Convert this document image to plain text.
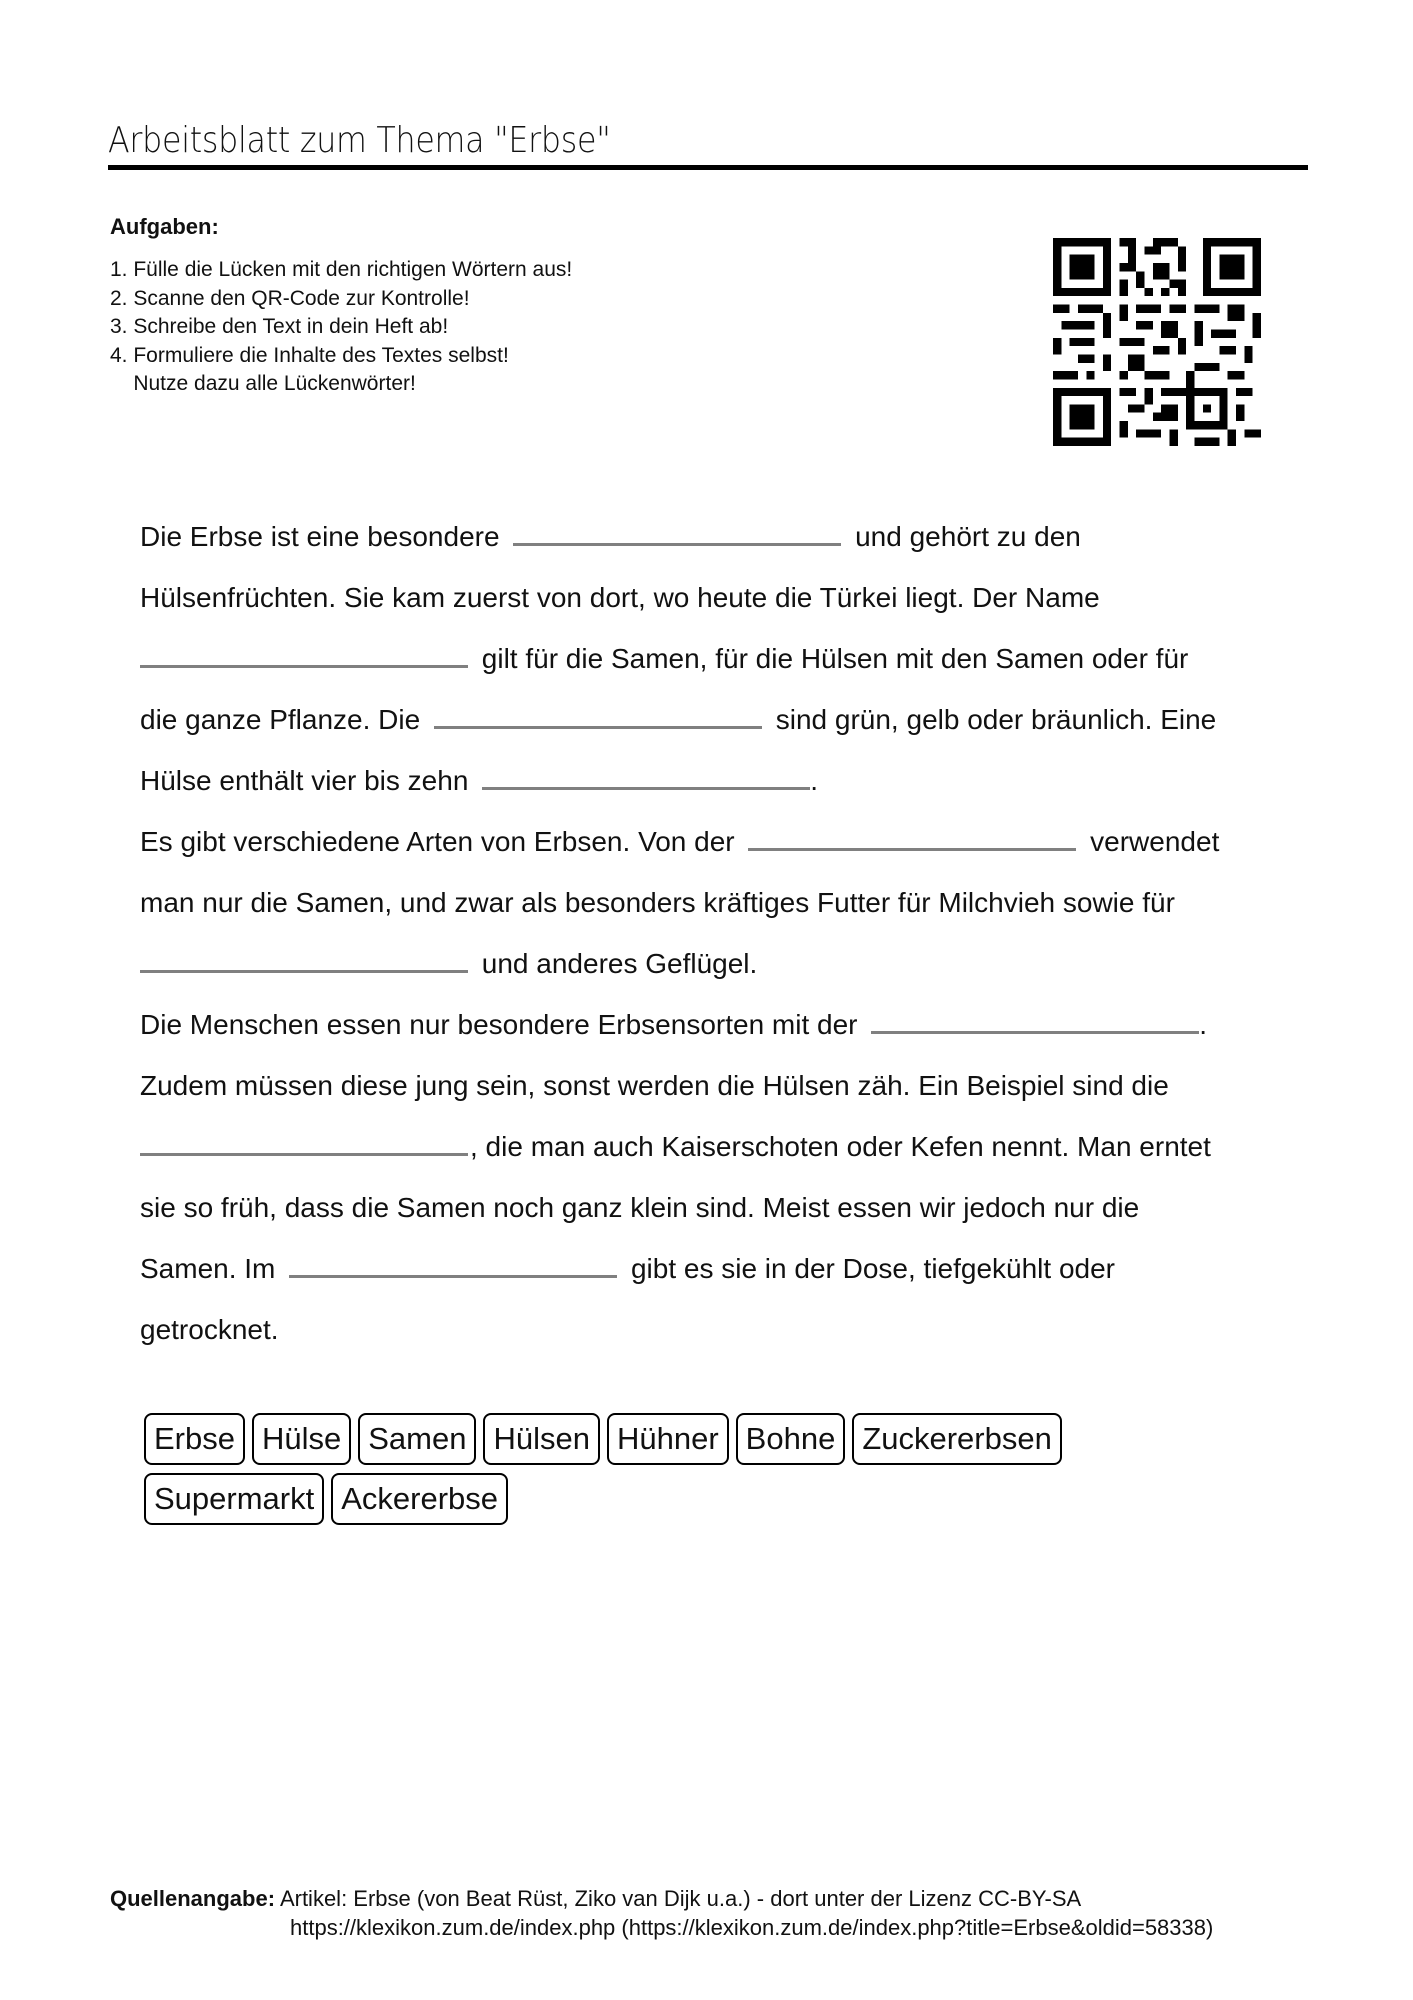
Arbeitsblatt zum Thema "Erbse"
Aufgaben:
1. Fülle die Lücken mit den richtigen Wörtern aus!
2. Scanne den QR-Code zur Kontrolle!
3. Schreibe den Text in dein Heft ab!
4. Formuliere die Inhalte des Textes selbst!
Nutze dazu alle Lückenwörter!
Die Erbse ist eine besondere	und gehört zu den
Hülsenfrüchten. Sie kam zuerst von dort, wo heute die Türkei liegt. Der Name
gilt für die Samen, für die Hülsen mit den Samen oder für
die ganze Pflanze. Die	sind grün, gelb oder bräunlich. Eine
Hülse enthält vier bis zehn	.
Es gibt verschiedene Arten von Erbsen. Von der	verwendet
man nur die Samen, und zwar als besonders kräftiges Futter für Milchvieh sowie für
und anderes Geflügel.
Die Menschen essen nur besondere Erbsensorten mit der	.
Zudem müssen diese jung sein, sonst werden die Hülsen zäh. Ein Beispiel sind die
, die man auch Kaiserschoten oder Kefen nennt. Man erntet
sie so früh, dass die Samen noch ganz klein sind. Meist essen wir jedoch nur die
Samen. Im	gibt es sie in der Dose, tiefgekühlt oder
getrocknet.
Erbse Hülse Samen Hülsen Hühner Bohne Zuckererbsen
Supermarkt Ackererbse
Quellenangabe: Artikel: Erbse (von Beat Rüst, Ziko van Dijk u.a.) - dort unter der Lizenz CC-BY-SA
https://klexikon.zum.de/index.php (https://klexikon.zum.de/index.php?title=Erbse&oldid=58338)
